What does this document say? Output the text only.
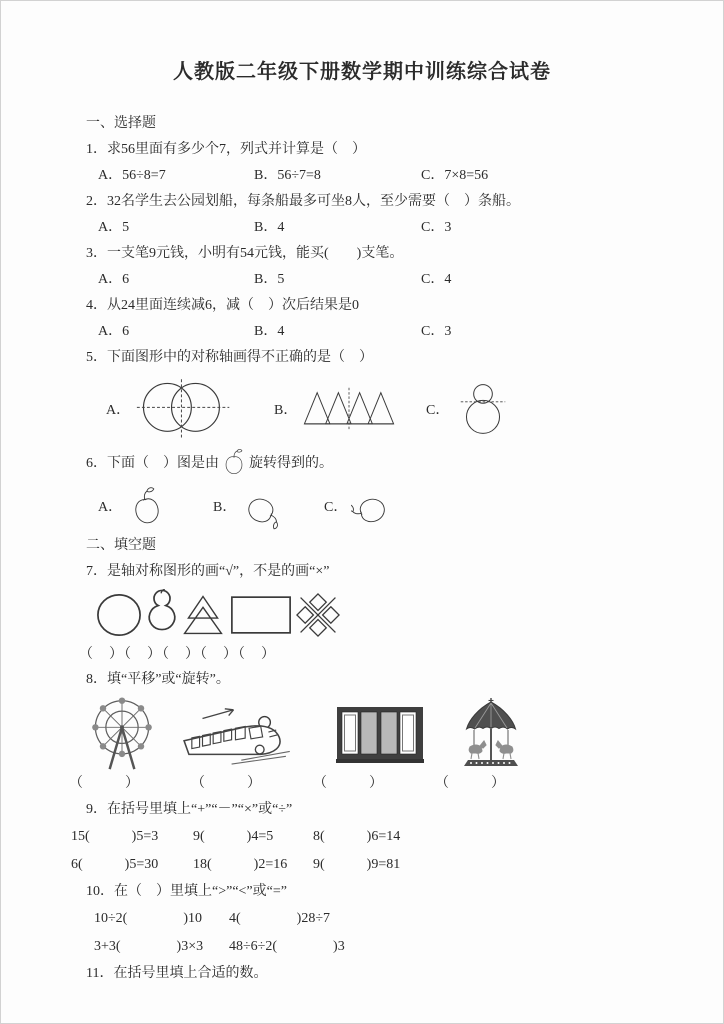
人教版二年级下册数学期中训练综合试卷
一、选择题
1．求56里面有多少个7，列式并计算是（　）
A．56÷8=7	B．56÷7=8	C．7×8=56
2．32名学生去公园划船，每条船最多可坐8人，至少需要（　）条船。
A．5	B．4	C．3
3．一支笔9元钱，小明有54元钱，能买(　　)支笔。
A．6	B．5	C．4
4．从24里面连续减6，减（　）次后结果是0
A．6	B．4	C．3
5．下面图形中的对称轴画得不正确的是（　）
A．	B．	C．
6．下面（　）图是由 旋转得到的。
A．	B．	C．
二、填空题
7．是轴对称图形的画“√”，不是的画“×”
（　）（　）（　）（　）（　）
8．填“平移”或“旋转”。
（　　　）	（　　　）	（　　　）	（　　　）
9．在括号里填上“+”“－”“×”或“÷”
15(　　　)5=3	9(　　　)4=5	8(　　　)6=14
6(　　　)5=30	18(　　　)2=16	9(　　　)9=81
10．在（　）里填上“>”“<”或“=”
10÷2(　　　　)10	4(　　　　)28÷7
3+3(　　　　)3×3	48÷6÷2(　　　　)3
11．在括号里填上合适的数。
